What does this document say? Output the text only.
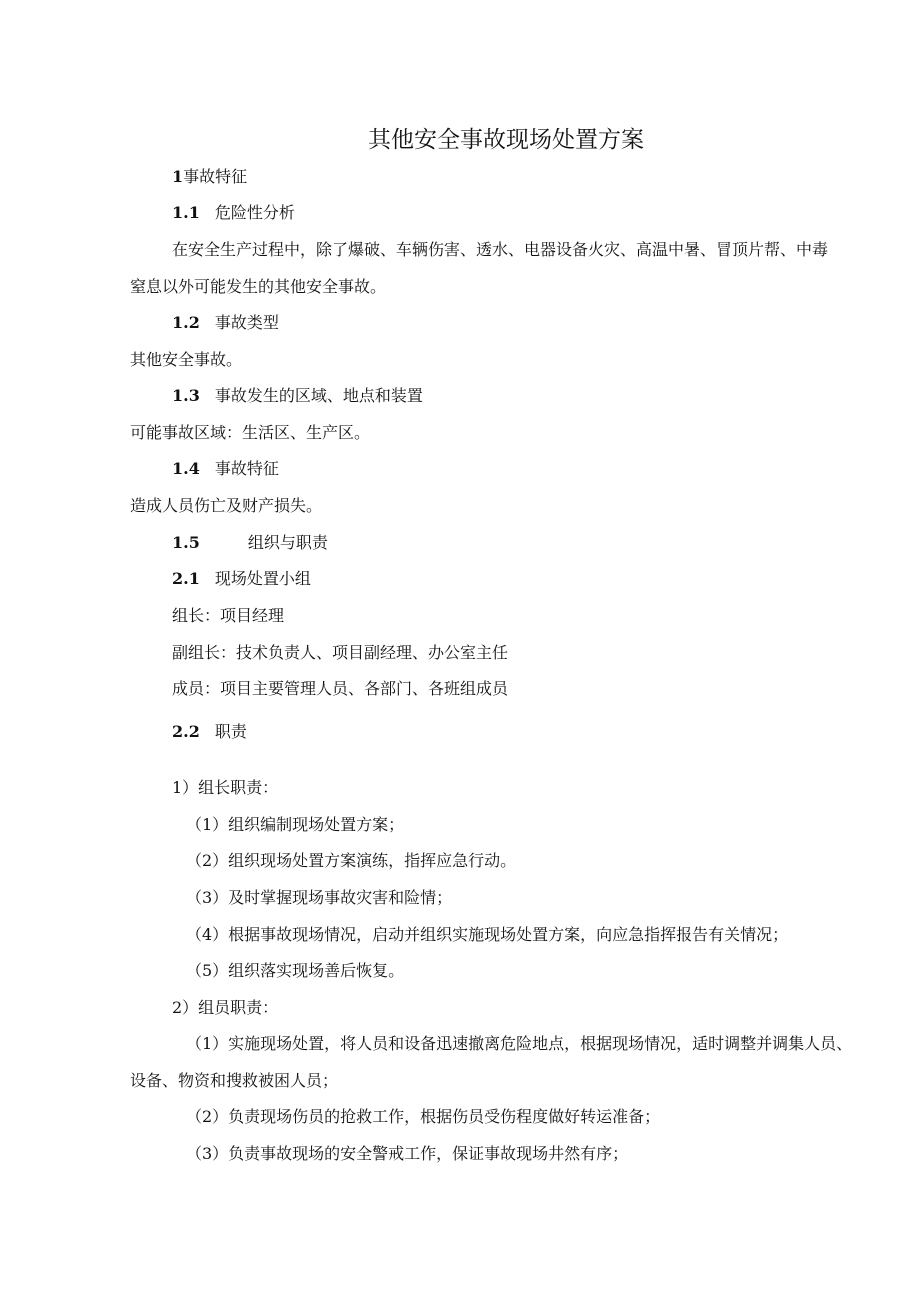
其他安全事故现场处置方案
1事故特征
1.1 危险性分析
在安全生产过程中，除了爆破、车辆伤害、透水、电器设备火灾、高温中暑、冒顶片帮、中毒
窒息以外可能发生的其他安全事故。
1.2 事故类型
其他安全事故。
1.3 事故发生的区域、地点和装置
可能事故区域：生活区、生产区。
1.4 事故特征
造成人员伤亡及财产损失。
1.5	组织与职责
2.1 现场处置小组
组长：项目经理
副组长：技术负责人、项目副经理、办公室主任
成员：项目主要管理人员、各部门、各班组成员
2.2 职责
1）组长职责：
（1）组织编制现场处置方案；
（2）组织现场处置方案演练，指挥应急行动。
（3）及时掌握现场事故灾害和险情；
（4）根据事故现场情况，启动并组织实施现场处置方案，向应急指挥报告有关情况；
（5）组织落实现场善后恢复。
2）组员职责：
（1）实施现场处置，将人员和设备迅速撤离危险地点，根据现场情况，适时调整并调集人员、
设备、物资和搜救被困人员；
（2）负责现场伤员的抢救工作，根据伤员受伤程度做好转运准备；
（3）负责事故现场的安全警戒工作，保证事故现场井然有序；
